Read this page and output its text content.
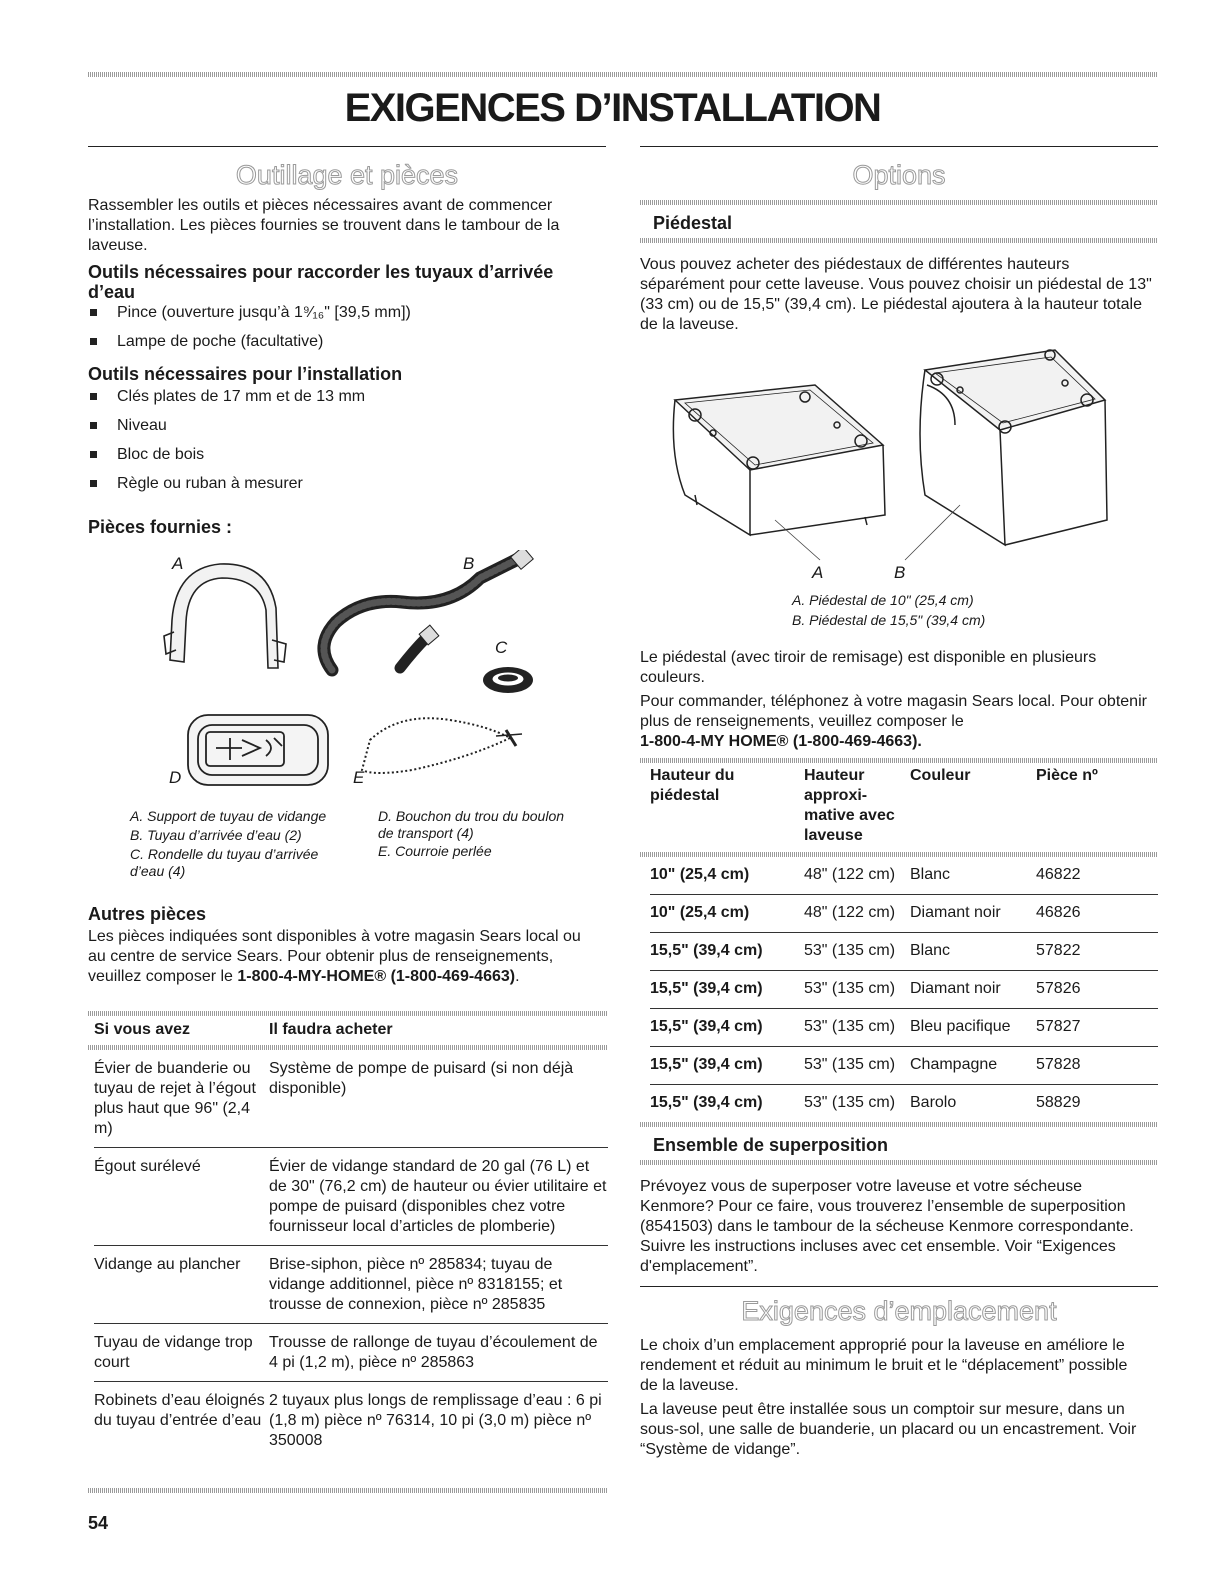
EXIGENCES D’INSTALLATION
Outillage et pièces

Rassembler les outils et pièces nécessaires avant de commencer l’installation. Les pièces fournies se trouvent dans le tambour de la laveuse.

Outils nécessaires pour raccorder les tuyaux d’arrivée d’eau

Pince (ouverture jusqu’à 1⁹⁄₁₆" [39,5 mm])
Lampe de poche (facultative)

Outils nécessaires pour l’installation

Clés plates de 17 mm et de 13 mm
Niveau
Bloc de bois
Règle ou ruban à mesurer

Pièces fournies :

A	B
C
D	E

A. Support de tuyau de vidange

B. Tuyau d’arrivée d’eau (2)

C. Rondelle du tuyau d’arrivée d’eau (4)

D. Bouchon du trou du boulon de transport (4)

E. Courroie perlée

Autres pièces

Les pièces indiquées sont disponibles à votre magasin Sears local ou au centre de service Sears. Pour obtenir plus de renseignements, veuillez composer le 1-800-4-MY-HOME® (1-800-469-4663).

Si vous avez	Il faudra acheter

Évier de buanderie ou tuyau de rejet à l’égout plus haut que 96" (2,4 m)	Système de pompe de puisard (si non déjà disponible)
Égout surélevé	Évier de vidange standard de 20 gal (76 L) et de 30" (76,2 cm) de hauteur ou évier utilitaire et pompe de puisard (disponibles chez votre fournisseur local d’articles de plomberie)
Vidange au plancher	Brise-siphon, pièce nº 285834; tuyau de vidange additionnel, pièce nº 8318155; et trousse de connexion, pièce nº 285835
Tuyau de vidange trop court	Trousse de rallonge de tuyau d’écoulement de 4 pi (1,2 m), pièce nº 285863
Robinets d’eau éloignés du tuyau d’entrée d’eau	2 tuyaux plus longs de remplissage d’eau : 6 pi (1,8 m) pièce nº 76314, 10 pi (3,0 m) pièce nº 350008
54
Options

Piédestal

Vous pouvez acheter des piédestaux de différentes hauteurs séparément pour cette laveuse. Vous pouvez choisir un piédestal de 13" (33 cm) ou de 15,5" (39,4 cm). Le piédestal ajoutera à la hauteur totale de la laveuse.

A	B

A. Piédestal de 10" (25,4 cm)

B. Piédestal de 15,5" (39,4 cm)

Le piédestal (avec tiroir de remisage) est disponible en plusieurs couleurs.

Pour commander, téléphonez à votre magasin Sears local. Pour obtenir plus de renseignements, veuillez composer le

1-800-4-MY HOME® (1-800-469-4663).

Hauteur du piédestal	Hauteur approxi-mative avec laveuse	Couleur	Pièce nº

10" (25,4 cm)	48" (122 cm)	Blanc	46822
10" (25,4 cm)	48" (122 cm)	Diamant noir	46826
15,5" (39,4 cm)	53" (135 cm)	Blanc	57822
15,5" (39,4 cm)	53" (135 cm)	Diamant noir	57826
15,5" (39,4 cm)	53" (135 cm)	Bleu pacifique	57827
15,5" (39,4 cm)	53" (135 cm)	Champagne	57828
15,5" (39,4 cm)	53" (135 cm)	Barolo	58829

Ensemble de superposition

Prévoyez vous de superposer votre laveuse et votre sécheuse Kenmore? Pour ce faire, vous trouverez l’ensemble de superposition (8541503) dans le tambour de la sécheuse Kenmore correspondante. Suivre les instructions incluses avec cet ensemble. Voir “Exigences d'emplacement”.

Exigences d’emplacement

Le choix d’un emplacement approprié pour la laveuse en améliore le rendement et réduit au minimum le bruit et le “déplacement” possible de la laveuse.

La laveuse peut être installée sous un comptoir sur mesure, dans un sous-sol, une salle de buanderie, un placard ou un encastrement. Voir “Système de vidange”.
